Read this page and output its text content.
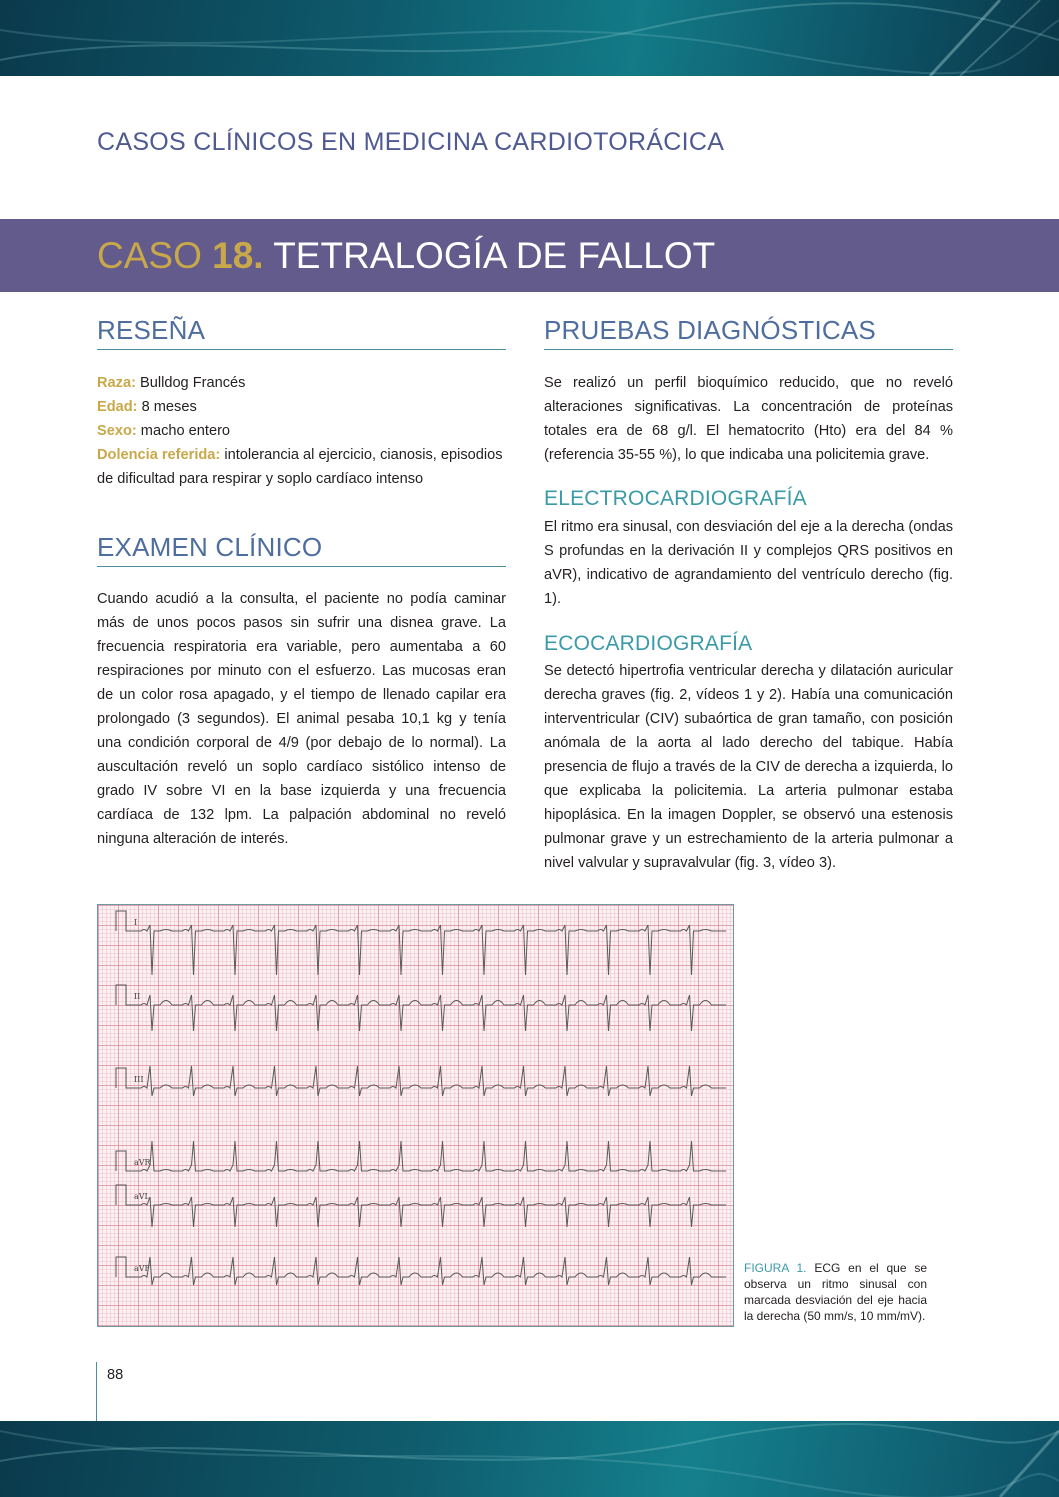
CASOS CLÍNICOS EN MEDICINA CARDIOTORÁCICA
CASO 18. TETRALOGÍA DE FALLOT
RESEÑA
Raza: Bulldog Francés
Edad: 8 meses
Sexo: macho entero
Dolencia referida: intolerancia al ejercicio, cianosis, episodios de dificultad para respirar y soplo cardíaco intenso
EXAMEN CLÍNICO
Cuando acudió a la consulta, el paciente no podía caminar más de unos pocos pasos sin sufrir una disnea grave. La frecuencia respiratoria era variable, pero aumentaba a 60 respiraciones por minuto con el esfuerzo. Las mucosas eran de un color rosa apagado, y el tiempo de llenado capilar era prolongado (3 segundos). El animal pesaba 10,1 kg y tenía una condición corporal de 4/9 (por debajo de lo normal). La auscultación reveló un soplo cardíaco sistólico intenso de grado IV sobre VI en la base izquierda y una frecuencia cardíaca de 132 lpm. La palpación abdominal no reveló ninguna alteración de interés.
PRUEBAS DIAGNÓSTICAS
Se realizó un perfil bioquímico reducido, que no reveló alteraciones significativas. La concentración de proteínas totales era de 68 g/l. El hematocrito (Hto) era del 84 % (referencia 35-55 %), lo que indicaba una policitemia grave.
ELECTROCARDIOGRAFÍA
El ritmo era sinusal, con desviación del eje a la derecha (ondas S profundas en la derivación II y complejos QRS positivos en aVR), indicativo de agrandamiento del ventrículo derecho (fig. 1).
ECOCARDIOGRAFÍA
Se detectó hipertrofia ventricular derecha y dilatación auricular derecha graves (fig. 2, vídeos 1 y 2). Había una comunicación interventricular (CIV) subaórtica de gran tamaño, con posición anómala de la aorta al lado derecho del tabique. Había presencia de flujo a través de la CIV de derecha a izquierda, lo que explicaba la policitemia. La arteria pulmonar estaba hipoplásica. En la imagen Doppler, se observó una estenosis pulmonar grave y un estrechamiento de la arteria pulmonar a nivel valvular y supravalvular (fig. 3, vídeo 3).
I
II
III
aVR
aVL
aVF	FIGURA 1. ECG en el que se observa un ritmo sinusal con marcada desviación del eje hacia la derecha (50 mm/s, 10 mm/mV).
88
